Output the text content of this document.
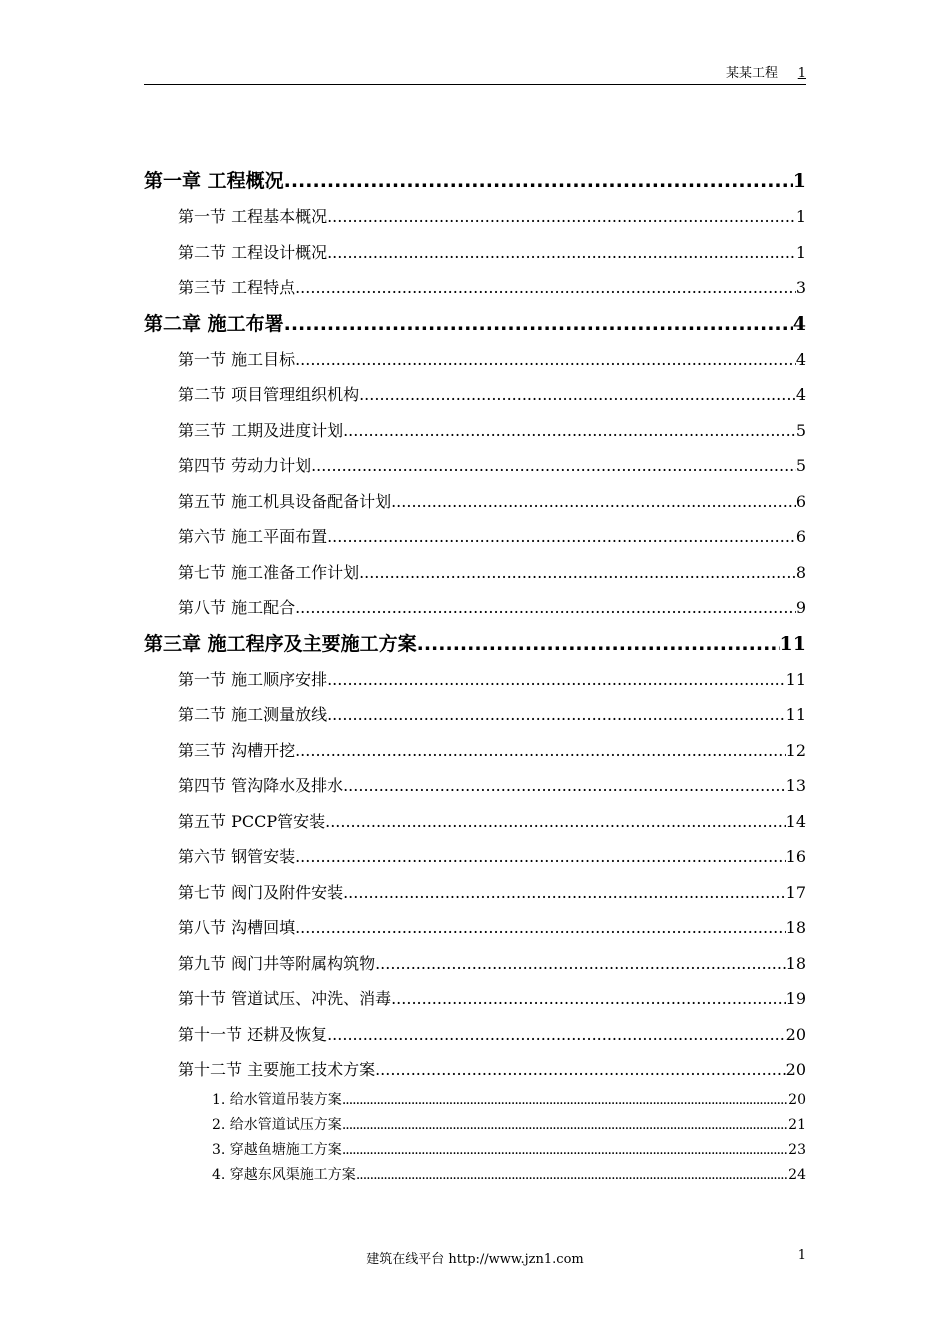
某某工程 1
第一章 工程概况 .....	1
第一节 工程基本概况 .....	1
第二节 工程设计概况 .....	1
第三节 工程特点 .....	3
第二章 施工布署 .....	4
第一节 施工目标 .....	4
第二节 项目管理组织机构 .....	4
第三节 工期及进度计划 .....	5
第四节 劳动力计划 .....	5
第五节 施工机具设备配备计划 .....	6
第六节 施工平面布置 .....	6
第七节 施工准备工作计划 .....	8
第八节 施工配合 .....	9
第三章 施工程序及主要施工方案 .....	11
第一节 施工顺序安排 .....	11
第二节 施工测量放线 .....	11
第三节 沟槽开挖 .....	12
第四节 管沟降水及排水 .....	13
第五节 PCCP管安装 .....	14
第六节 钢管安装 .....	16
第七节 阀门及附件安装 .....	17
第八节 沟槽回填 .....	18
第九节 阀门井等附属构筑物 .....	18
第十节 管道试压、冲洗、消毒 .....	19
第十一节 还耕及恢复 .....	20
第十二节 主要施工技术方案 .....	20
1. 给水管道吊装方案 .....	20
2. 给水管道试压方案 .....	21
3. 穿越鱼塘施工方案 .....	23
4. 穿越东风渠施工方案 .....	24
建筑在线平台 http://www.jzn1.com	1
